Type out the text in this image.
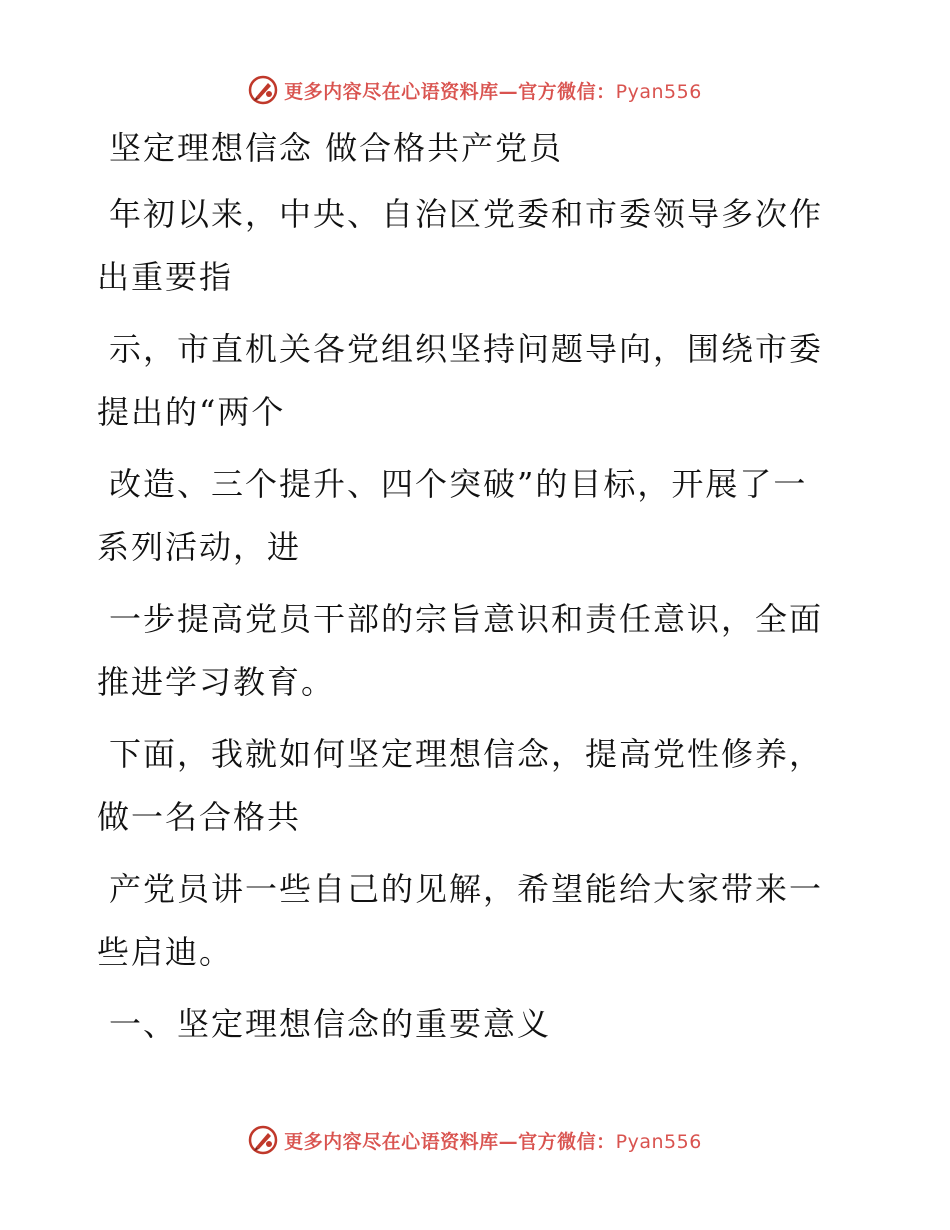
更多内容尽在心语资料库—官方微信：Pyan556
坚定理想信念 做合格共产党员

年初以来，中央、自治区党委和市委领导多次作
出重要指

示，市直机关各党组织坚持问题导向，围绕市委
提出的“两个

改造、三个提升、四个突破”的目标，开展了一
系列活动，进

一步提高党员干部的宗旨意识和责任意识，全面
推进学习教育。

下面，我就如何坚定理想信念，提高党性修养，
做一名合格共

产党员讲一些自己的见解，希望能给大家带来一
些启迪。

一、坚定理想信念的重要意义
更多内容尽在心语资料库—官方微信：Pyan556
